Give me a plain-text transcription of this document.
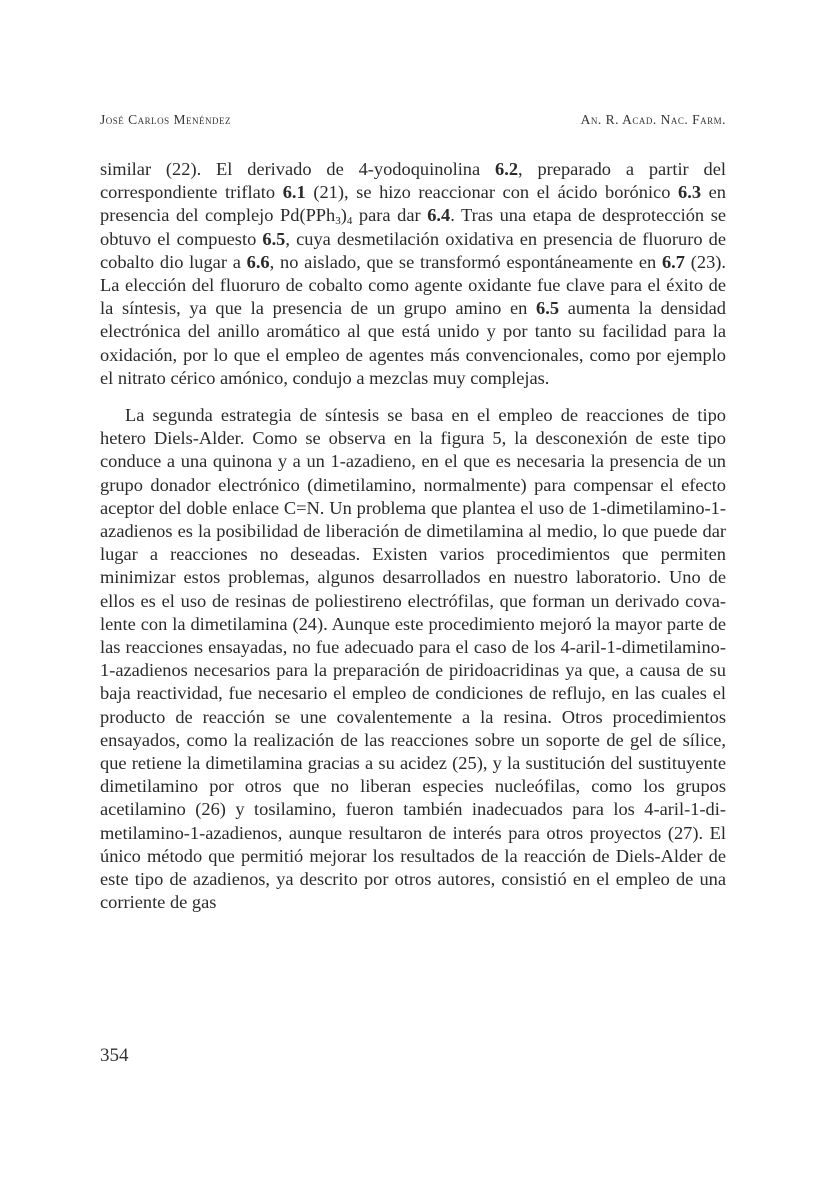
José Carlos Menéndez	An. R. Acad. Nac. Farm.

similar (22). El derivado de 4-yodoquinolina 6.2, preparado a partir del correspondiente triflato 6.1 (21), se hizo reaccionar con el ácido borónico 6.3 en presencia del complejo $Pd(PPh_3)_4$ para dar 6.4. Tras una etapa de desprotección se obtuvo el compuesto 6.5, cuya desmetilación oxidativa en presencia de fluoruro de cobalto dio lugar a 6.6, no aislado, que se transformó espontáneamente en 6.7 (23). La elección del fluoruro de cobalto como agente oxidante fue clave para el éxito de la síntesis, ya que la presencia de un grupo amino en 6.5 aumenta la densidad electrónica del anillo aromático al que está unido y por tanto su facilidad para la oxidación, por lo que el empleo de agentes más convencionales, como por ejemplo el nitrato cérico amónico, condujo a mezclas muy complejas.

La segunda estrategia de síntesis se basa en el empleo de reacciones de tipo hetero Diels-Alder. Como se observa en la figura 5, la desconexión de este tipo conduce a una quinona y a un 1-azadieno, en el que es necesaria la presencia de un grupo donador electrónico (dimetilamino, normalmente) para compensar el efecto aceptor del doble enlace C=N. Un problema que plantea el uso de 1-dimetilamino-1-azadienos es la posibilidad de liberación de dimetilamina al medio, lo que puede dar lugar a reacciones no deseadas. Existen varios procedimientos que permiten minimizar estos problemas, algunos desarrollados en nuestro laboratorio. Uno de ellos es el uso de resinas de poliestireno electrófilas, que forman un derivado covalente con la dimetilamina (24). Aunque este procedimiento mejoró la mayor parte de las reacciones ensayadas, no fue adecuado para el caso de los 4-aril-1-dimetilamino-1-azadienos necesarios para la preparación de piridoacridinas ya que, a causa de su baja reactividad, fue necesario el empleo de condiciones de reflujo, en las cuales el producto de reacción se une covalentemente a la resina. Otros procedimientos ensayados, como la realización de las reacciones sobre un soporte de gel de sílice, que retiene la dimetilamina gracias a su acidez (25), y la sustitución del sustituyente dimetilamino por otros que no liberan especies nucleófilas, como los grupos acetilamino (26) y tosilamino, fueron también inadecuados para los 4-aril-1-dimetilamino-1-azadienos, aunque resultaron de interés para otros proyectos (27). El único método que permitió mejorar los resultados de la reacción de Diels-Alder de este tipo de azadienos, ya descrito por otros autores, consistió en el empleo de una corriente de gas

354
